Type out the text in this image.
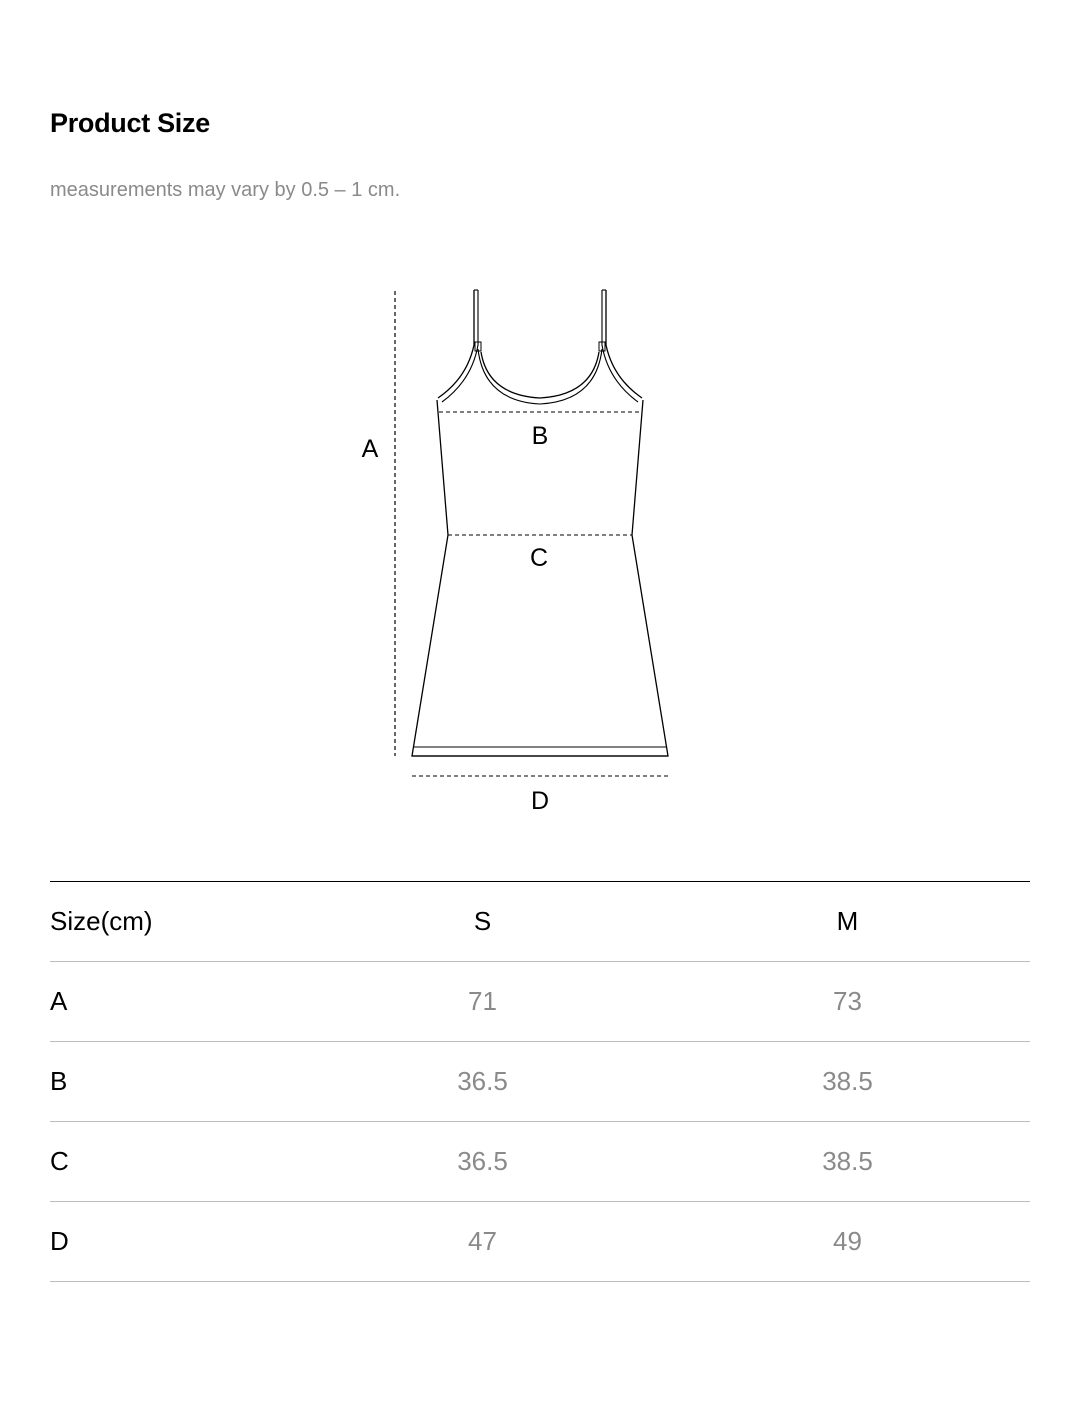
Product Size

measurements may vary by 0.5 – 1 cm.

A	B
C
D
Size(cm)	S	M
A	71	73
B	36.5	38.5
C	36.5	38.5
D	47	49
